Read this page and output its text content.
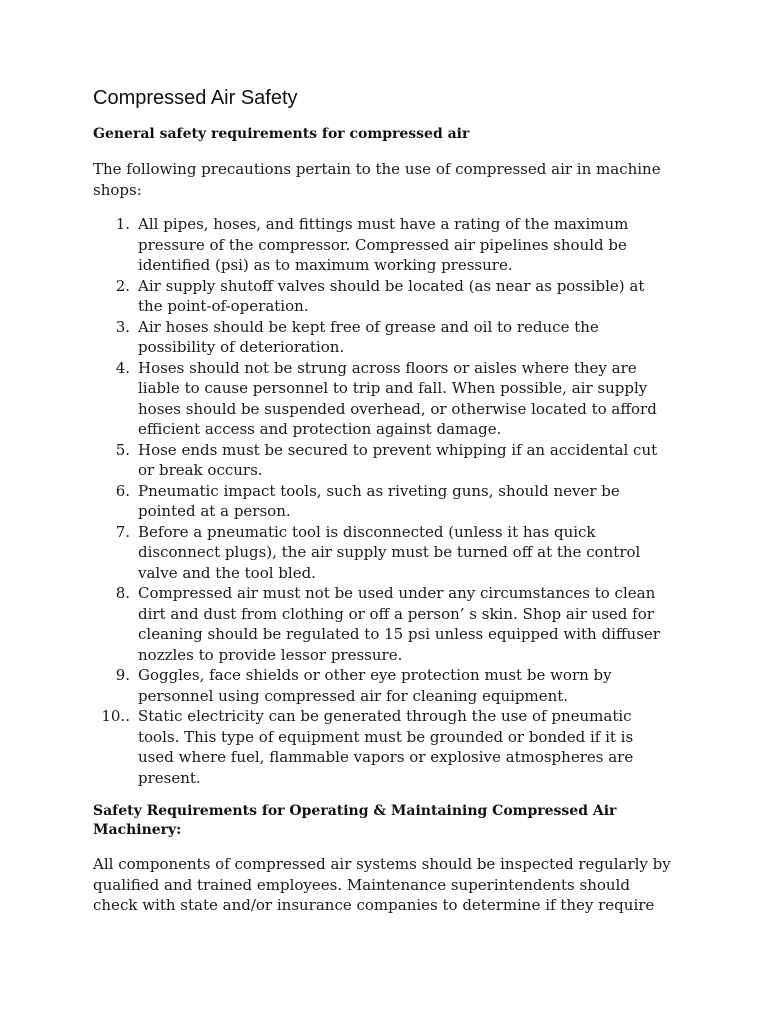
Compressed Air Safety
General safety requirements for compressed air

The following precautions pertain to the use of compressed air in machine shops:

1. All pipes, hoses, and fittings must have a rating of the maximum pressure of the compressor. Compressed air pipelines should be identified (psi) as to maximum working pressure.
2. Air supply shutoff valves should be located (as near as possible) at the point-of-operation.
3. Air hoses should be kept free of grease and oil to reduce the possibility of deterioration.
4. Hoses should not be strung across floors or aisles where they are liable to cause personnel to trip and fall. When possible, air supply hoses should be suspended overhead, or otherwise located to afford efficient access and protection against damage.
5. Hose ends must be secured to prevent whipping if an accidental cut or break occurs.
6. Pneumatic impact tools, such as riveting guns, should never be pointed at a person.
7. Before a pneumatic tool is disconnected (unless it has quick disconnect plugs), the air supply must be turned off at the control valve and the tool bled.
8. Compressed air must not be used under any circumstances to clean dirt and dust from clothing or off a person’ s skin. Shop air used for cleaning should be regulated to 15 psi unless equipped with diffuser nozzles to provide lessor pressure.
9. Goggles, face shields or other eye protection must be worn by personnel using compressed air for cleaning equipment.
10.. Static electricity can be generated through the use of pneumatic tools. This type of equipment must be grounded or bonded if it is used where fuel, flammable vapors or explosive atmospheres are present.
Safety Requirements for Operating & Maintaining Compressed Air Machinery:

All components of compressed air systems should be inspected regularly by qualified and trained employees. Maintenance superintendents should check with state and/or insurance companies to determine if they require
